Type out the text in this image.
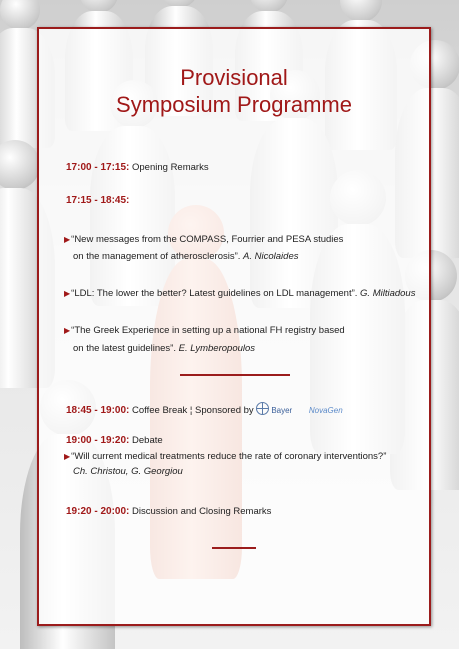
Provisional
Symposium Programme
17:00 - 17:15: Opening Remarks
17:15 - 18:45:
▶“New messages from the COMPASS, Fourrier and PESA studies
on the management of atherosclerosis”. A. Nicolaides
▶“LDL: The lower the better? Latest guidelines on LDL management”. G. Miltiadous
▶“The Greek Experience in setting up a national FH registry based
on the latest guidelines”. E. Lymberopoulos
18:45 - 19:00: Coffee Break ¦ Sponsored by Bayer NovaGen
19:00 - 19:20: Debate
▶“Will current medical treatments reduce the rate of coronary interventions?”
Ch. Christou, G. Georgiou
19:20 - 20:00: Discussion and Closing Remarks
